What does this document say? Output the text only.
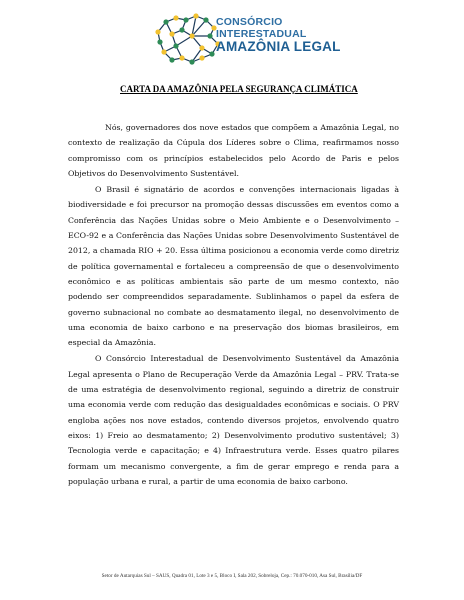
CONSÓRCIO
INTERESTADUAL
AMAZÔNIA LEGAL
CARTA DA AMAZÔNIA PELA SEGURANÇA CLIMÁTICA

Nós, governadores dos nove estados que compõem a Amazônia Legal, no contexto de realização da Cúpula dos Líderes sobre o Clima, reafirmamos nosso compromisso com os princípios estabelecidos pelo Acordo de Paris e pelos Objetivos do Desenvolvimento Sustentável.

O Brasil é signatário de acordos e convenções internacionais ligadas à biodiversidade e foi precursor na promoção dessas discussões em eventos como a Conferência das Nações Unidas sobre o Meio Ambiente e o Desenvolvimento – ECO-92 e a Conferência das Nações Unidas sobre Desenvolvimento Sustentável de 2012, a chamada RIO + 20. Essa última posicionou a economia verde como diretriz de política governamental e fortaleceu a compreensão de que o desenvolvimento econômico e as políticas ambientais são parte de um mesmo contexto, não podendo ser compreendidos separadamente. Sublinhamos o papel da esfera de governo subnacional no combate ao desmatamento ilegal, no desenvolvimento de uma economia de baixo carbono e na preservação dos biomas brasileiros, em especial da Amazônia.

O Consórcio Interestadual de Desenvolvimento Sustentável da Amazônia Legal apresenta o Plano de Recuperação Verde da Amazônia Legal – PRV. Trata-se de uma estratégia de desenvolvimento regional, seguindo a diretriz de construir uma economia verde com redução das desigualdades econômicas e sociais. O PRV engloba ações nos nove estados, contendo diversos projetos, envolvendo quatro eixos: 1) Freio ao desmatamento; 2) Desenvolvimento produtivo sustentável; 3) Tecnologia verde e capacitação; e 4) Infraestrutura verde. Esses quatro pilares formam um mecanismo convergente, a fim de gerar emprego e renda para a população urbana e rural, a partir de uma economia de baixo carbono.

Setor de Autarquias Sul – SAUS, Quadra 01, Lote 3 e 5, Bloco I, Sala 202, Sobreloja, Cep.: 70.070-010, Asa Sul, Brasília/DF
